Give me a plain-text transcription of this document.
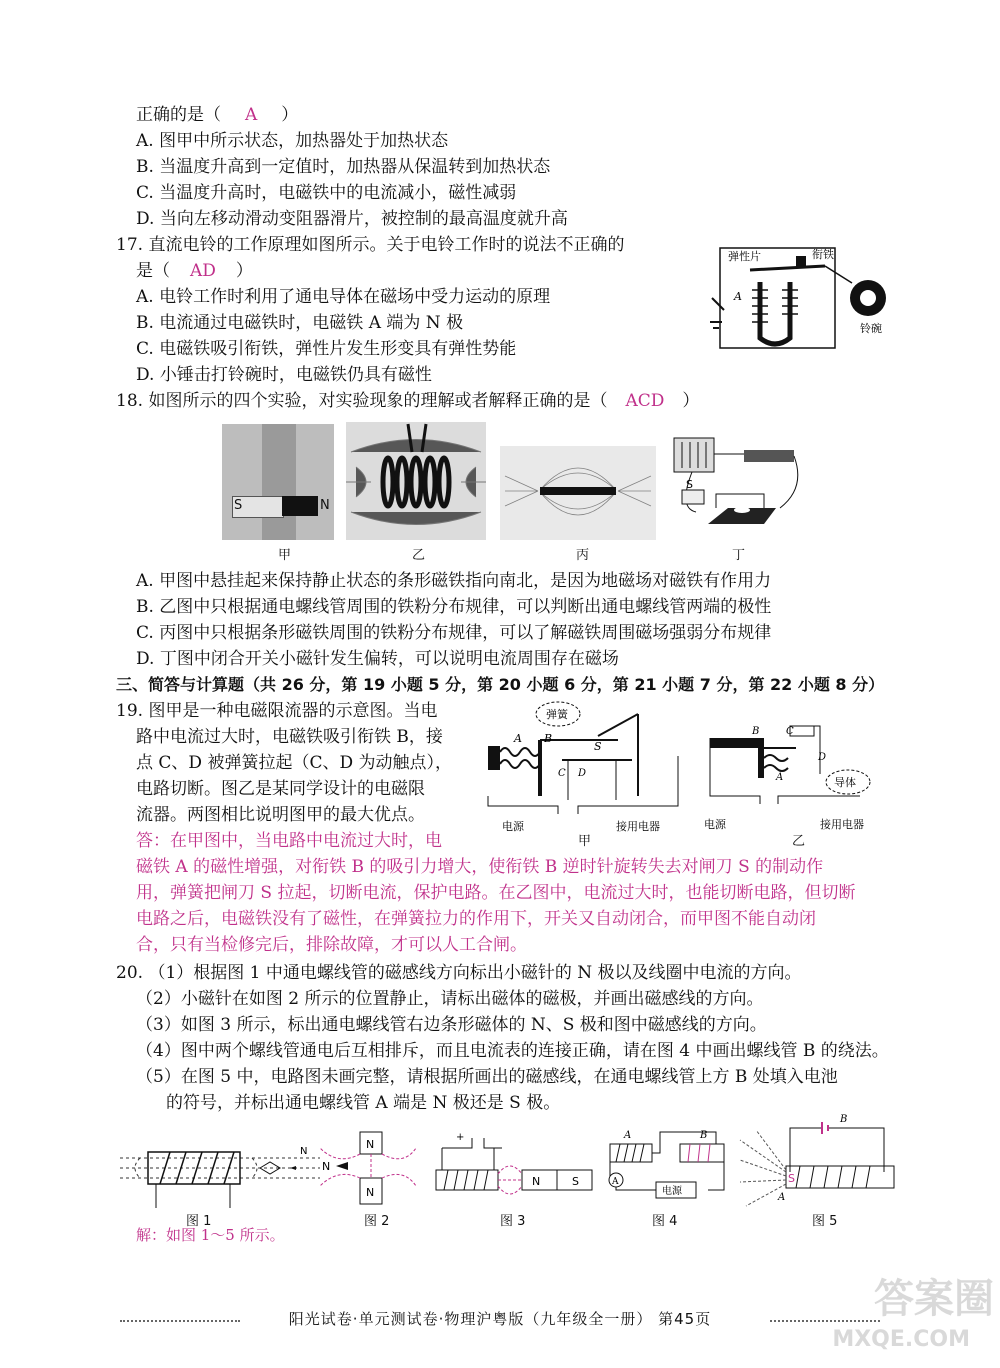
正确的是（ A ）
A. 图甲中所示状态，加热器处于加热状态
B. 当温度升高到一定值时，加热器从保温转到加热状态
C. 当温度升高时，电磁铁中的电流减小，磁性减弱
D. 当向左移动滑动变阻器滑片，被控制的最高温度就升高
17. 直流电铃的工作原理如图所示。关于电铃工作时的说法不正确的
是（ AD ）
A. 电铃工作时利用了通电导体在磁场中受力运动的原理
B. 电流通过电磁铁时，电磁铁 A 端为 N 极
C. 电磁铁吸引衔铁，弹性片发生形变具有弹性势能
D. 小锤击打铃碗时，电磁铁仍具有磁性
弹性片	衔铁
A
铃碗
18. 如图所示的四个实验，对实验现象的理解或者解释正确的是（ ACD ）
S	N
S
甲	乙	丙	丁
A. 甲图中悬挂起来保持静止状态的条形磁铁指向南北，是因为地磁场对磁铁有作用力
B. 乙图中只根据通电螺线管周围的铁粉分布规律，可以判断出通电螺线管两端的极性
C. 丙图中只根据条形磁铁周围的铁粉分布规律，可以了解磁铁周围磁场强弱分布规律
D. 丁图中闭合开关小磁针发生偏转，可以说明电流周围存在磁场
三、简答与计算题（共 26 分，第 19 小题 5 分，第 20 小题 6 分，第 21 小题 7 分，第 22 小题 8 分）
19. 图甲是一种电磁限流器的示意图。当电
路中电流过大时，电磁铁吸引衔铁 B，接
点 C、D 被弹簧拉起（C、D 为动触点），
电路切断。图乙是某同学设计的电磁限
流器。两图相比说明图甲的最大优点。
弹簧
A B
S
C D
电源	接用电器
甲
B	C
D
A	导体
电源	接用电器
乙
答：在甲图中，当电路中电流过大时，电
磁铁 A 的磁性增强，对衔铁 B 的吸引力增大，使衔铁 B 逆时针旋转失去对闸刀 S 的制动作
用，弹簧把闸刀 S 拉起，切断电流，保护电路。在乙图中，电流过大时，也能切断电路，但切断
电路之后，电磁铁没有了磁性，在弹簧拉力的作用下，开关又自动闭合，而甲图不能自动闭
合，只有当检修完后，排除故障，才可以人工合闸。
20. （1）根据图 1 中通电螺线管的磁感线方向标出小磁针的 N 极以及线圈中电流的方向。
（2）小磁针在如图 2 所示的位置静止，请标出磁体的磁极，并画出磁感线的方向。
（3）如图 3 所示，标出通电螺线管右边条形磁体的 N、S 极和图中磁感线的方向。
（4）图中两个螺线管通电后互相排斥，而且电流表的连接正确，请在图 4 中画出螺线管 B 的绕法。
（5）在图 5 中，电路图未画完整，请根据所画出的磁感线，在通电螺线管上方 B 处填入电池
的符号，并标出通电螺线管 A 端是 N 极还是 S 极。
N
图 1
N
N
N
图 2
+
N	S
图 3
A	B
A
电源
图 4
B
S
A
图 5
解：如图 1～5 所示。
阳光试卷·单元测试卷·物理沪粤版（九年级全一册） 第45页	答案圈
MXQE.COM
